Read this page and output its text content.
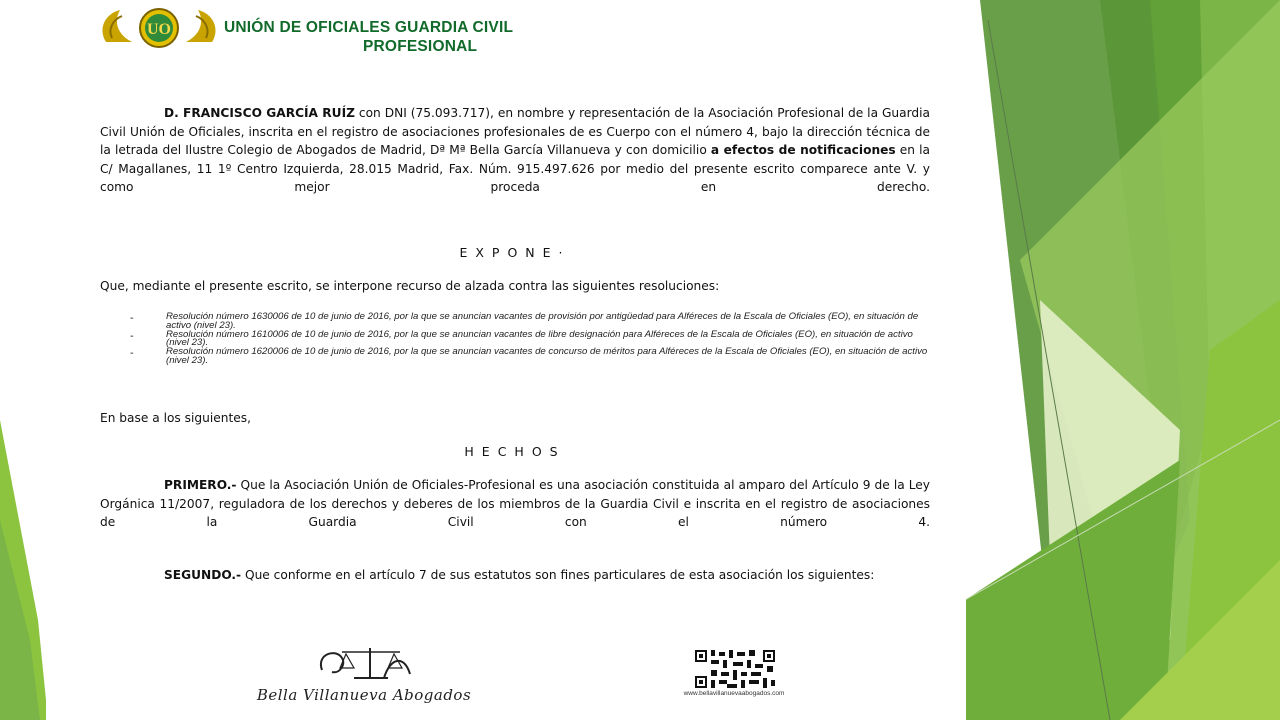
UO	UNIÓN DE OFICIALES GUARDIA CIVIL
PROFESIONAL

D. FRANCISCO GARCÍA RUÍZ con DNI (75.093.717), en nombre y representación de la Asociación Profesional de la Guardia Civil Unión de Oficiales, inscrita en el registro de asociaciones profesionales de es Cuerpo con el número 4, bajo la dirección técnica de la letrada del Ilustre Colegio de Abogados de Madrid, Dª Mª Bella García Villanueva y con domicilio a efectos de notificaciones en la C/ Magallanes, 11 1º Centro Izquierda, 28.015 Madrid, Fax. Núm. 915.497.626 por medio del presente escrito comparece ante V. y como mejor proceda en derecho.

EXPONE·

Que, mediante el presente escrito, se interpone recurso de alzada contra las siguientes resoluciones:

-	Resolución número 1630006 de 10 de junio de 2016, por la que se anuncian vacantes de provisión por antigüedad para Alféreces de la Escala de Oficiales (EO), en situación de activo (nivel 23).
-	Resolución número 1610006 de 10 de junio de 2016, por la que se anuncian vacantes de libre designación para Alféreces de la Escala de Oficiales (EO), en situación de activo (nivel 23).
-	Resolución número 1620006 de 10 de junio de 2016, por la que se anuncian vacantes de concurso de méritos para Alféreces de la Escala de Oficiales (EO), en situación de activo (nivel 23).

En base a los siguientes,

HECHOS

PRIMERO.- Que la Asociación Unión de Oficiales-Profesional es una asociación constituida al amparo del Artículo 9 de la Ley Orgánica 11/2007, reguladora de los derechos y deberes de los miembros de la Guardia Civil e inscrita en el registro de asociaciones de la Guardia Civil con el número 4.

SEGUNDO.- Que conforme en el artículo 7 de sus estatutos son fines particulares de esta asociación los siguientes:

Bella Villanueva Abogados	www.bellavillanuevaabogados.com
